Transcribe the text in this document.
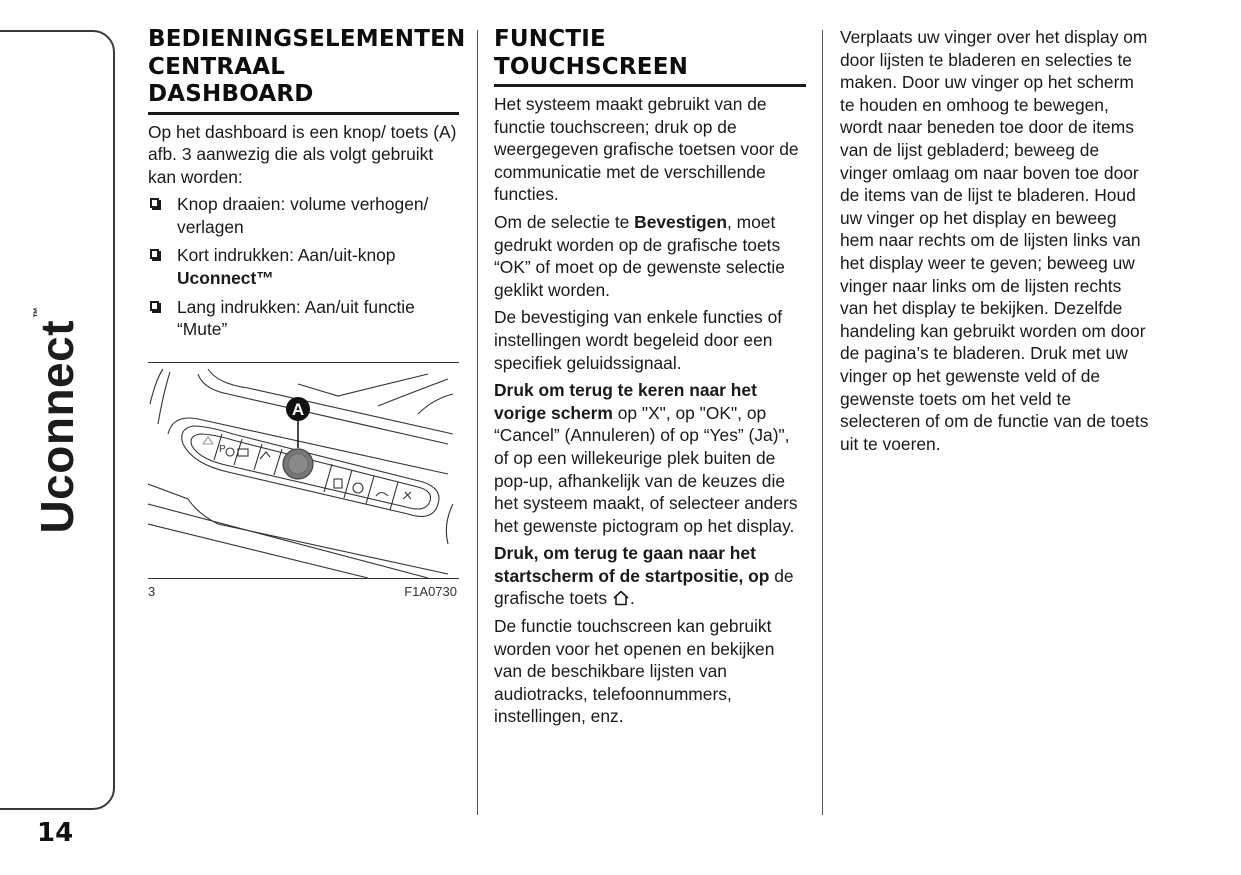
Uconnect™
14
BEDIENINGSELEMENTEN
CENTRAAL
DASHBOARD

Op het dashboard is een knop/ toets (A) afb. 3 aanwezig die als volgt gebruikt kan worden:

Knop draaien: volume verhogen/ verlagen
Kort indrukken: Aan/uit-knop
Uconnect™
Lang indrukken: Aan/uit functie “Mute”
P
A
3	F1A0730
FUNCTIE
TOUCHSCREEN

Het systeem maakt gebruikt van de functie touchscreen; druk op de weergegeven grafische toetsen voor de communicatie met de verschillende functies.

Om de selectie te Bevestigen, moet gedrukt worden op de grafische toets “OK” of moet op de gewenste selectie geklikt worden.

De bevestiging van enkele functies of instellingen wordt begeleid door een specifiek geluidssignaal.

Druk om terug te keren naar het vorige scherm op "X", op "OK", op “Cancel” (Annuleren) of op “Yes” (Ja)", of op een willekeurige plek buiten de pop-up, afhankelijk van de keuzes die het systeem maakt, of selecteer anders het gewenste pictogram op het display.

Druk, om terug te gaan naar het startscherm of de startpositie, op de grafische toets .

De functie touchscreen kan gebruikt worden voor het openen en bekijken van de beschikbare lijsten van audiotracks, telefoonnummers, instellingen, enz.

Verplaats uw vinger over het display om door lijsten te bladeren en selecties te maken. Door uw vinger op het scherm te houden en omhoog te bewegen, wordt naar beneden toe door de items van de lijst gebladerd; beweeg de vinger omlaag om naar boven toe door de items van de lijst te bladeren. Houd uw vinger op het display en beweeg hem naar rechts om de lijsten links van het display weer te geven; beweeg uw vinger naar links om de lijsten rechts van het display te bekijken. Dezelfde handeling kan gebruikt worden om door de pagina’s te bladeren. Druk met uw vinger op het gewenste veld of de gewenste toets om het veld te selecteren of om de functie van de toets uit te voeren.
